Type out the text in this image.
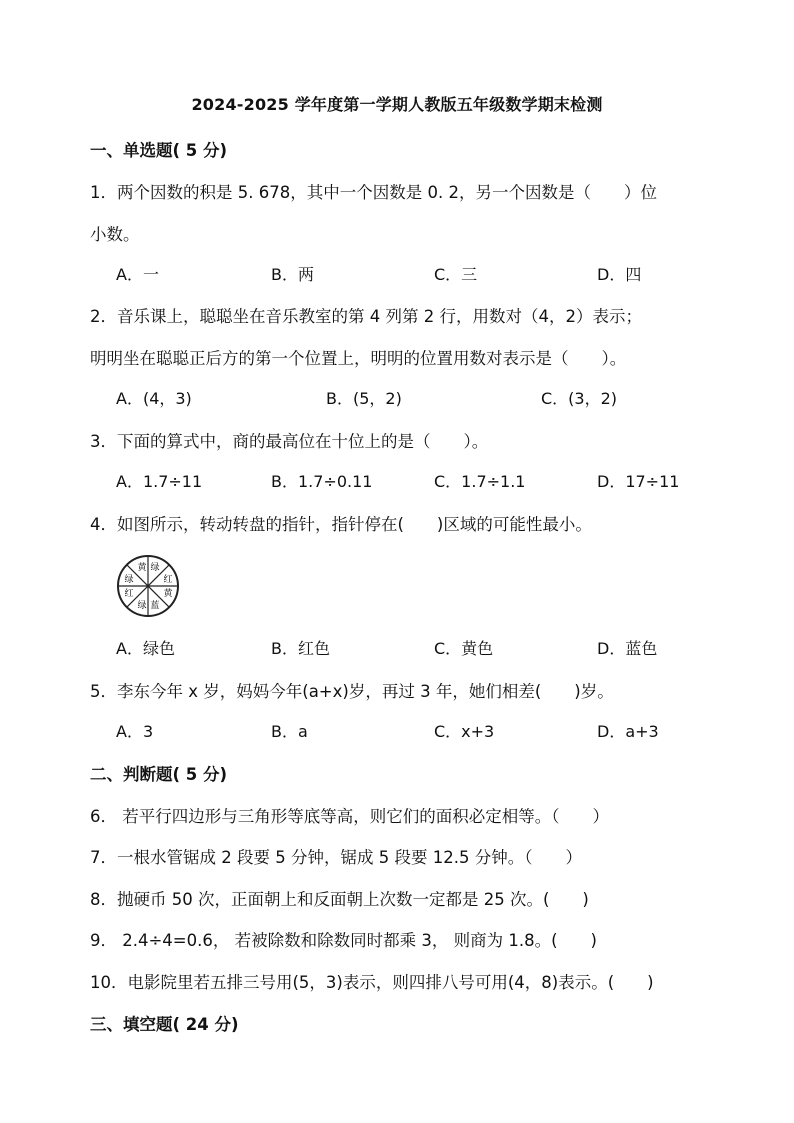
2024-2025 学年度第一学期人教版五年级数学期末检测
一、单选题( 5 分)
1．两个因数的积是 5. 678，其中一个因数是 0. 2，另一个因数是（　　）位
小数。
A．一	B．两	C．三	D．四
2．音乐课上，聪聪坐在音乐教室的第 4 列第 2 行，用数对（4，2）表示；
明明坐在聪聪正后方的第一个位置上，明明的位置用数对表示是（　　）。
A．(4，3)	B．(5，2)	C．(3，2)
3．下面的算式中，商的最高位在十位上的是（　　）。
A．1.7÷11	B．1.7÷0.11	C．1.7÷1.1	D．17÷11
4．如图所示，转动转盘的指针，指针停在(　　)区域的可能性最小。
黄 绿
红
黄
蓝
绿
红
绿
A．绿色	B．红色	C．黄色	D．蓝色
5．李东今年 x 岁，妈妈今年(a+x)岁，再过 3 年，她们相差(　　)岁。
A．3	B．a	C．x+3	D．a+3
二、判断题( 5 分)
6． 若平行四边形与三角形等底等高，则它们的面积必定相等。（　　）
7．一根水管锯成 2 段要 5 分钟，锯成 5 段要 12.5 分钟。（　　）
8．抛硬币 50 次，正面朝上和反面朝上次数一定都是 25 次。(　　)
9． 2.4÷4=0.6， 若被除数和除数同时都乘 3， 则商为 1.8。(　　)
10．电影院里若五排三号用(5，3)表示，则四排八号可用(4，8)表示。(　　)
三、填空题( 24 分)
